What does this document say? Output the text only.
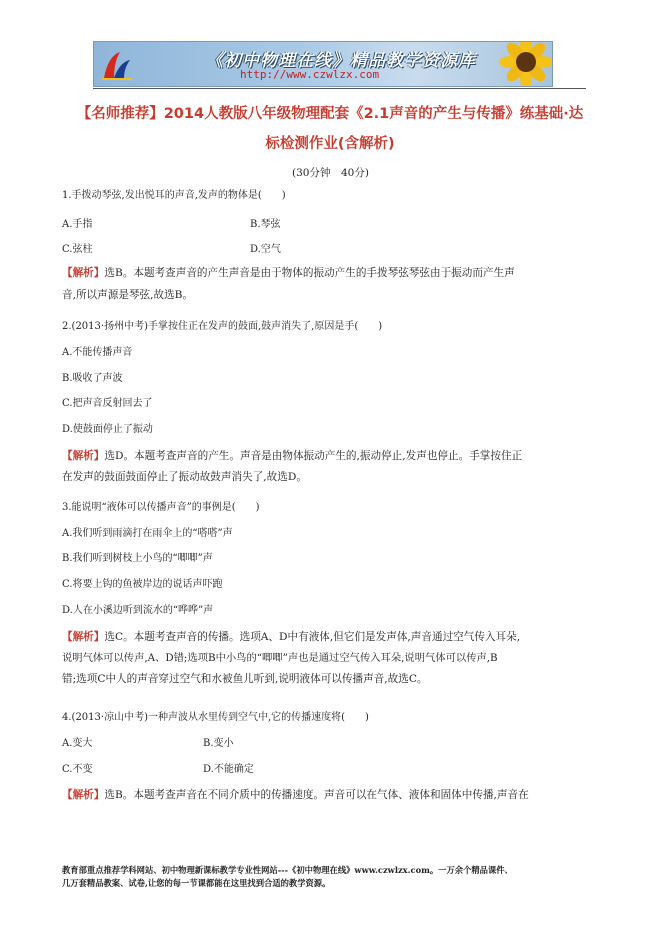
《初中物理在线》精品教学资源库
http://www.czwlzx.com
【名师推荐】2014人教版八年级物理配套《2.1声音的产生与传播》练基础·达
标检测作业(含解析)
(30分钟　40分)
1.手拨动琴弦,发出悦耳的声音,发声的物体是(　　)
A.手指	B.琴弦
C.弦柱	D.空气
【解析】选B。本题考查声音的产生声音是由于物体的振动产生的手拨琴弦琴弦由于振动而产生声
音,所以声源是琴弦,故选B。
2.(2013·扬州中考)手掌按住正在发声的鼓面,鼓声消失了,原因是手(　　)
A.不能传播声音
B.吸收了声波
C.把声音反射回去了
D.使鼓面停止了振动
【解析】选D。本题考查声音的产生。声音是由物体振动产生的,振动停止,发声也停止。手掌按住正
在发声的鼓面鼓面停止了振动故鼓声消失了,故选D。
3.能说明“液体可以传播声音”的事例是(　　)
A.我们听到雨滴打在雨伞上的“嗒嗒”声
B.我们听到树枝上小鸟的“唧唧”声
C.将要上钩的鱼被岸边的说话声吓跑
D.人在小溪边听到流水的“哗哗”声
【解析】选C。本题考查声音的传播。选项A、D中有液体,但它们是发声体,声音通过空气传入耳朵,
说明气体可以传声,A、D错;选项B中小鸟的“唧唧”声也是通过空气传入耳朵,说明气体可以传声,B
错;选项C中人的声音穿过空气和水被鱼儿听到,说明液体可以传播声音,故选C。
4.(2013·凉山中考)一种声波从水里传到空气中,它的传播速度将(　　)
A.变大	B.变小
C.不变	D.不能确定
【解析】选B。本题考查声音在不同介质中的传播速度。声音可以在气体、液体和固体中传播,声音在
教育部重点推荐学科网站、初中物理新课标教学专业性网站---《初中物理在线》www.czwlzx.com。一万余个精品课件、
几万套精品教案、试卷,让您的每一节课都能在这里找到合适的教学资源。
